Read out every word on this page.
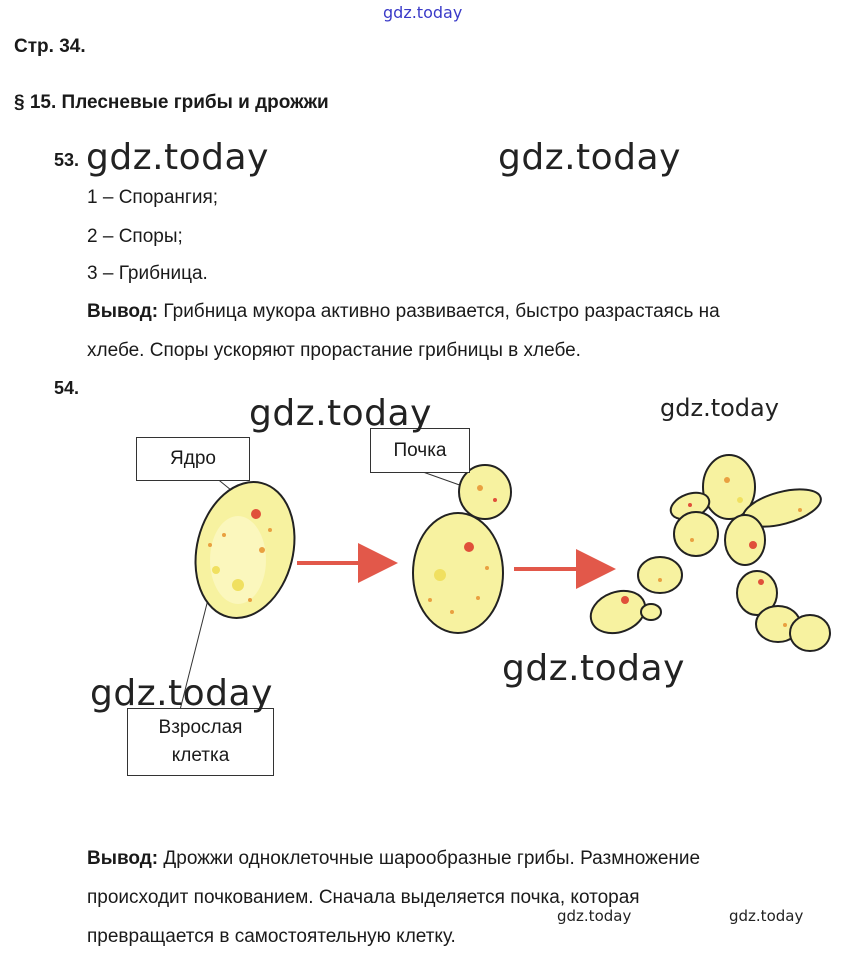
gdz.today
Стр. 34.
§ 15. Плесневые грибы и дрожжи
53. gdz.today	gdz.today
1 – Спорангия;
2 – Споры;
3 – Грибница.
Вывод: Грибница мукора активно развивается, быстро разрастаясь на
хлебе. Споры ускоряют прорастание грибницы в хлебе.
54.
Ядро	Почка
Взрослая
клетка
gdz.today	gdz.today
gdz.today
gdz.today
Вывод: Дрожжи одноклеточные шарообразные грибы. Размножение
происходит почкованием. Сначала выделяется почка, которая
превращается в самостоятельную клетку.
gdz.today	gdz.today
